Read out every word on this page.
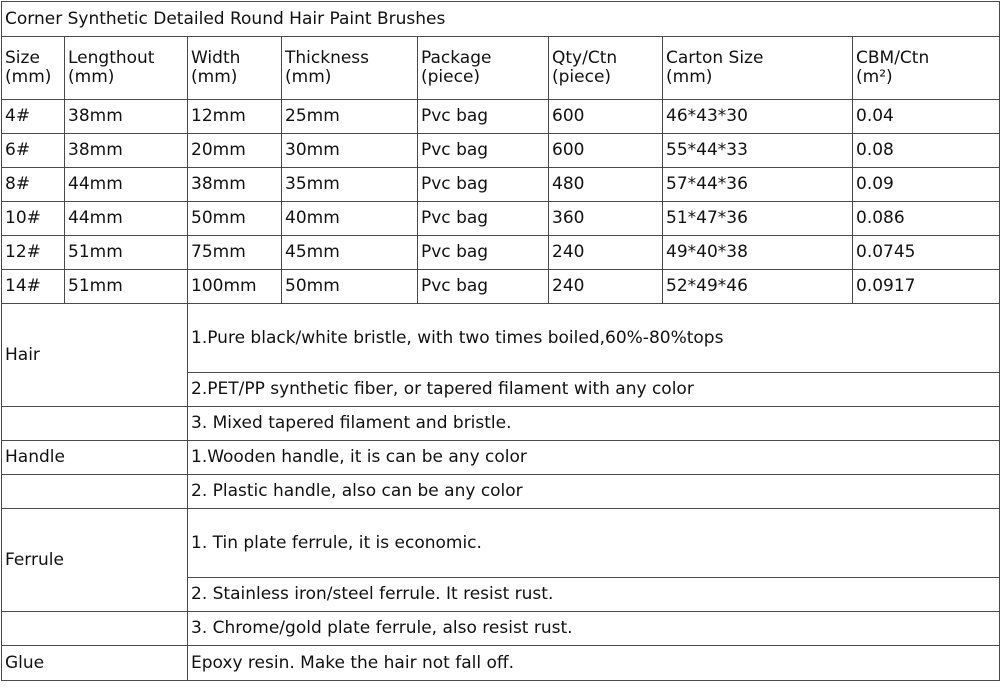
Corner Synthetic Detailed Round Hair Paint Brushes							
Size	Lengthout	Width	Thickness	Package	Qty/Ctn	Carton Size	CBM/Ctn
(mm)	(mm)	(mm)	(mm)	(piece)	(piece)	(mm)	(m²)
4#	38mm	12mm	25mm	Pvc bag	600	46*43*30	0.04
6#	38mm	20mm	30mm	Pvc bag	600	55*44*33	0.08
8#	44mm	38mm	35mm	Pvc bag	480	57*44*36	0.09
10#	44mm	50mm	40mm	Pvc bag	360	51*47*36	0.086
12#	51mm	75mm	45mm	Pvc bag	240	49*40*38	0.0745
14#	51mm	100mm	50mm	Pvc bag	240	52*49*46	0.0917
Hair		1.Pure black/white bristle, with two times boiled,60%-80%tops					
		2.PET/PP synthetic fiber, or tapered filament with any color					
		3. Mixed tapered filament and bristle.					
Handle		1.Wooden handle, it is can be any color					
		2. Plastic handle, also can be any color					
Ferrule		1. Tin plate ferrule, it is economic.					
		2. Stainless iron/steel ferrule. It resist rust.					
		3. Chrome/gold plate ferrule, also resist rust.					
Glue		Epoxy resin. Make the hair not fall off.					
